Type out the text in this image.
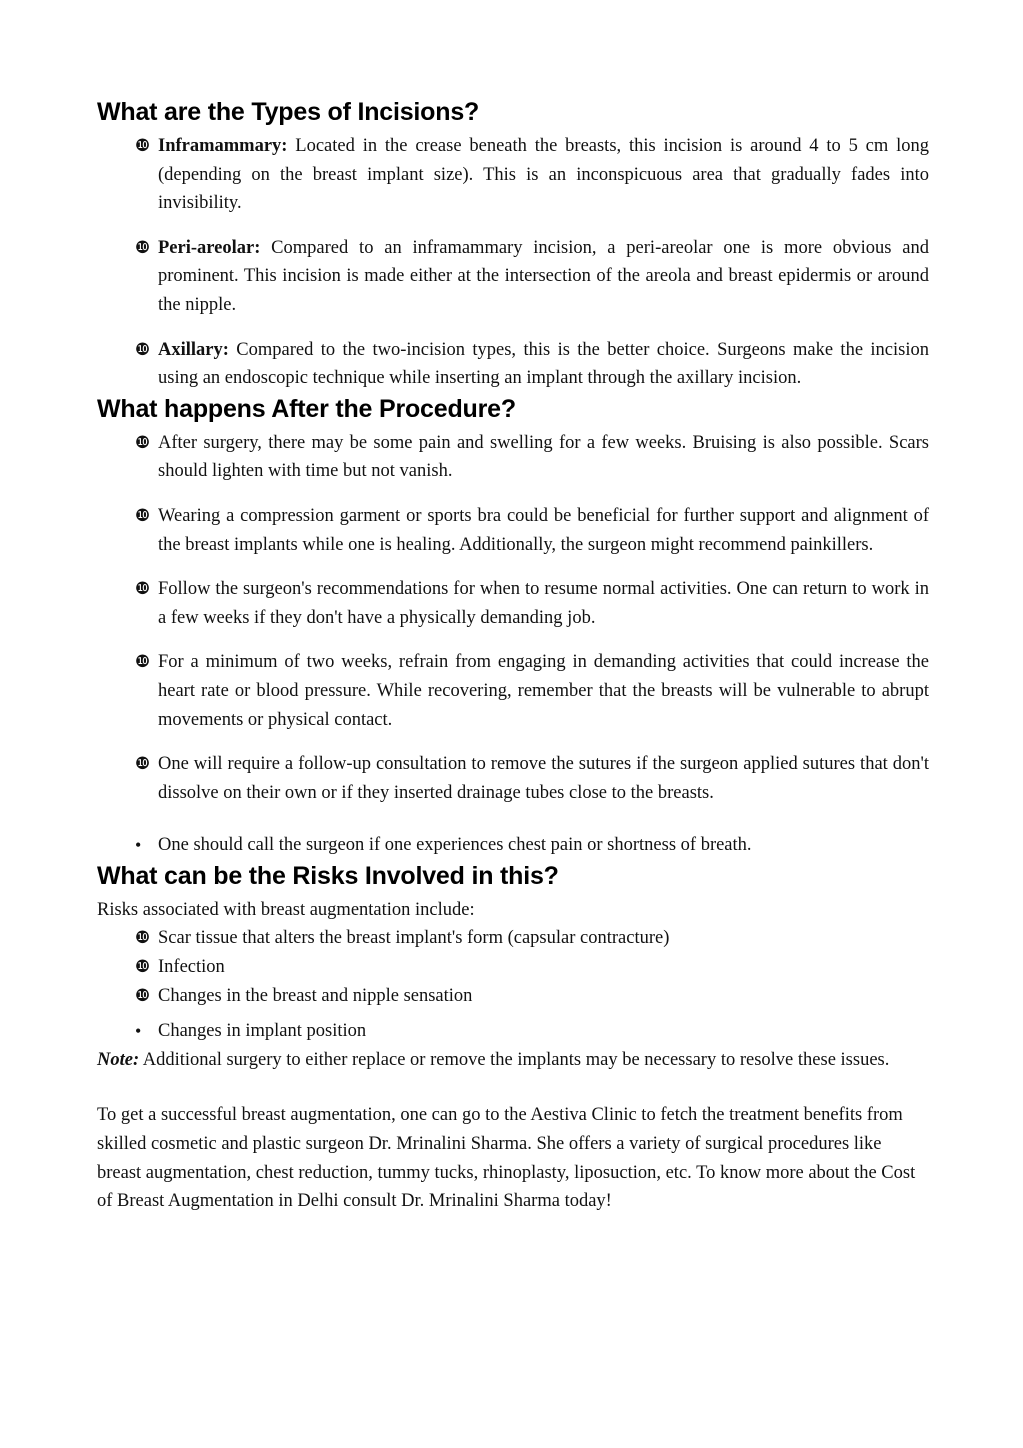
What are the Types of Incisions?
❿ Inframammary: Located in the crease beneath the breasts, this incision is around 4 to 5 cm long (depending on the breast implant size). This is an inconspicuous area that gradually fades into invisibility.
❿ Peri-areolar: Compared to an inframammary incision, a peri-areolar one is more obvious and prominent. This incision is made either at the intersection of the areola and breast epidermis or around the nipple.
❿ Axillary: Compared to the two-incision types, this is the better choice. Surgeons make the incision using an endoscopic technique while inserting an implant through the axillary incision.
What happens After the Procedure?
❿ After surgery, there may be some pain and swelling for a few weeks. Bruising is also possible. Scars should lighten with time but not vanish.
❿ Wearing a compression garment or sports bra could be beneficial for further support and alignment of the breast implants while one is healing. Additionally, the surgeon might recommend painkillers.
❿ Follow the surgeon's recommendations for when to resume normal activities. One can return to work in a few weeks if they don't have a physically demanding job.
❿ For a minimum of two weeks, refrain from engaging in demanding activities that could increase the heart rate or blood pressure. While recovering, remember that the breasts will be vulnerable to abrupt movements or physical contact.
❿ One will require a follow-up consultation to remove the sutures if the surgeon applied sutures that don't dissolve on their own or if they inserted drainage tubes close to the breasts.
• One should call the surgeon if one experiences chest pain or shortness of breath.
What can be the Risks Involved in this?

Risks associated with breast augmentation include:

❿ Scar tissue that alters the breast implant's form (capsular contracture)
❿ Infection
❿ Changes in the breast and nipple sensation
• Changes in implant position

Note: Additional surgery to either replace or remove the implants may be necessary to resolve these issues.

To get a successful breast augmentation, one can go to the Aestiva Clinic to fetch the treatment benefits from skilled cosmetic and plastic surgeon Dr. Mrinalini Sharma. She offers a variety of surgical procedures like breast augmentation, chest reduction, tummy tucks, rhinoplasty, liposuction, etc. To know more about the Cost of Breast Augmentation in Delhi consult Dr. Mrinalini Sharma today!
